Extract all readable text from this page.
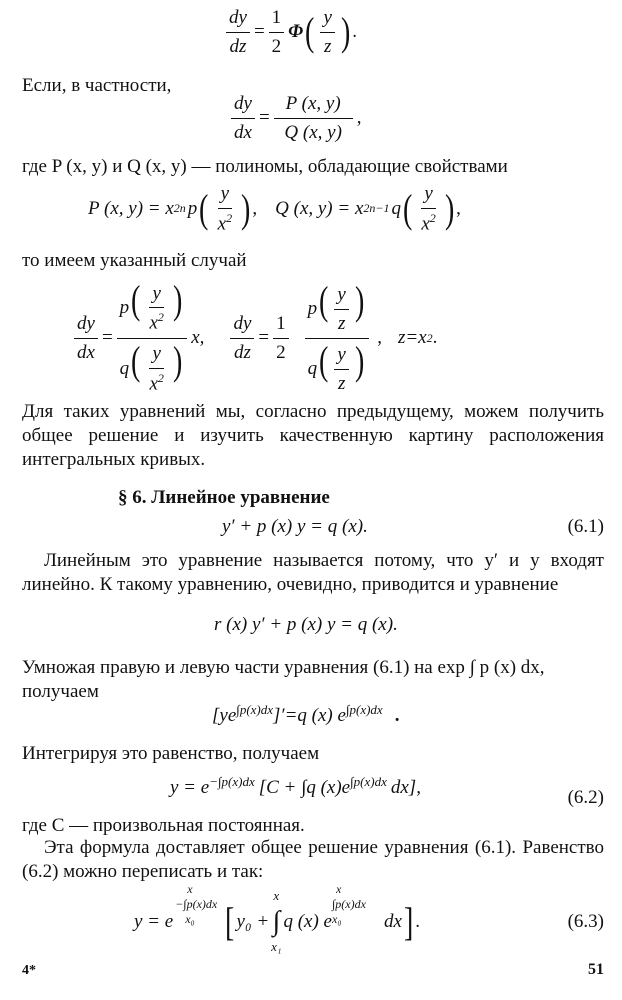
$\frac{dy}{dz} = \frac{1}{2}$ Φ ( $\frac{y}{z}$ ) .
Если, в частности,
$\frac{dy}{dx} = \frac{P (x, y)}{Q (x, y)}$ ,
где P (x, y) и Q (x, y) — полиномы, обладающие свойствами
P (x, y) = x 2n p ( $\frac{y}{x^2}$ ) , Q (x, y) = x 2n−1 q ( $\frac{y}{x^2}$ ) ,
то имеем указанный случай
$\frac{dy}{dx} = \frac{p( \frac{y}{x^2} )}{q( \frac{y}{x^2} )} x$, $\frac{dy}{dz} = \frac{1}{2} \frac{p( \frac{y}{z} )}{q( \frac{y}{z} )}$ , z=x 2 .
Для таких уравнений мы, согласно предыдущему, можем получить общее решение и изучить качественную картину расположения интегральных кривых.
§ 6. Линейное уравнение
y′ + p (x) y = q (x).	(6.1)
Линейным это уравнение называется потому, что y′ и y входят линейно. К такому уравнению, очевидно, приводится и уравнение
r (x) y′ + p (x) y = q (x).
Умножая правую и левую части уравнения (6.1) на exp ∫ p (x) dx,
получаем
[$ye^{\int p(x)dx}$ ]′=q (x) $e^{\int p(x)dx}$ .
Интегрируя это равенство, получаем
$y = e^{-\int p(x)dx}$ [C + ∫q $(x)e^{\int p(x)dx}$ dx],	(6.2)
где C — произвольная постоянная.
Эта формула доставляет общее решение уравнения (6.1). Равенство (6.2) можно переписать и так:
y = e
x
−∫p(x)dx
x₀ [ y₀ +
x
∫
x₁
q (x) e
x
∫p(x)dx
x₀ dx ] .	(6.3)
4*	51
